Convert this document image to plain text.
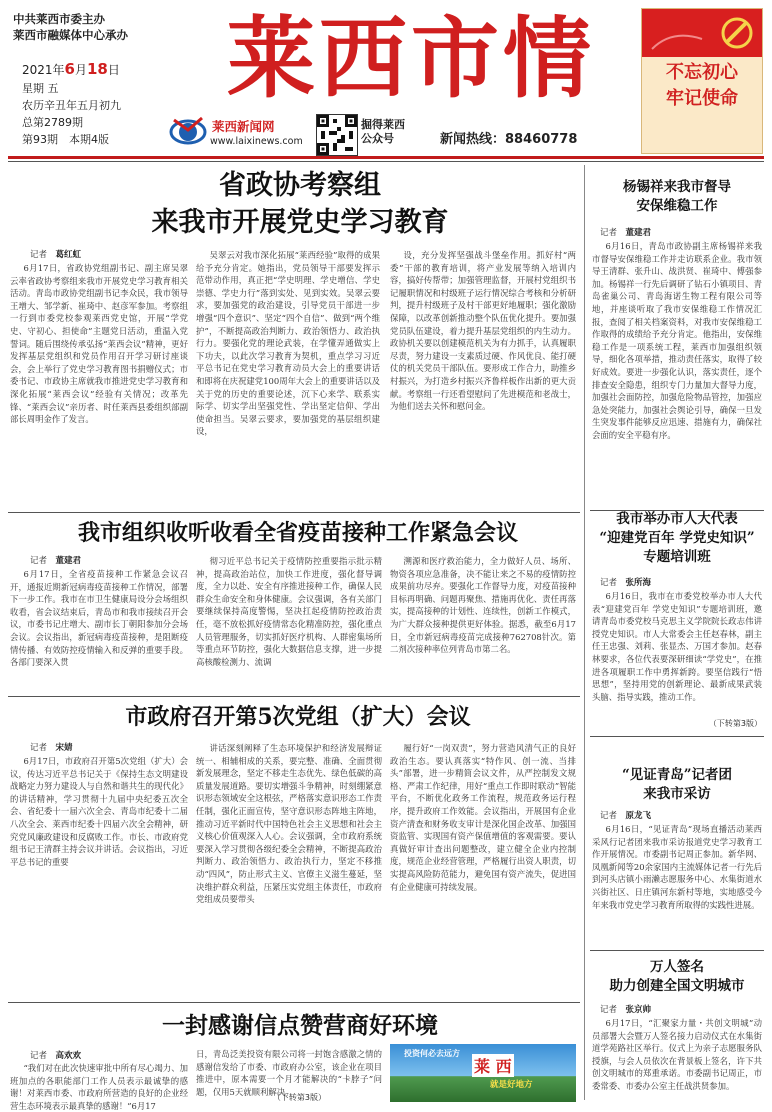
中共莱西市委主办
莱西市融媒体中心承办
2021年6月18日
星期 五
农历辛丑年五月初九
总第2789期
第93期　本期4版
莱西市情
莱西新闻网
www.laixinews.com
掘得莱西
公众号	新闻热线：88460778
不忘初心
牢记使命
省政协考察组
来我市开展党史学习教育
记者　 葛红虹

6月17日，省政协党组副书记、副主席吴翠云率省政协考察组来我市开展党史学习教育相关活动。青岛市政协党组副书记李众民，我市领导王增大、邹学新、崔琦中、赵彦军参加。考察组一行到市委党校参观莱西党史馆，开展“学党史、守初心、担使命”主题党日活动，重温入党誓词。随后围绕传承弘扬“莱西会议”精神，更好发挥基层党组织和党员作用召开学习研讨座谈会，会上举行了党史学习教育图书捐赠仪式；市委书记、市政协主席就我市推进党史学习教育和深化拓展“莱西会议”经验有关情况；改革先锋、“莱西会议”亲历者、时任莱西县委组织部副部长周明金作了发言。

吴翠云对我市深化拓展“莱西经验”取得的成果给予充分肯定。她指出，党员领导干部要发挥示范带动作用，真正把“学史明理、学史增信、学史崇德、学史力行”落到实处、见到实效。吴翠云要求，要加强党的政治建设，引导党员干部进一步增强“四个意识”、坚定“四个自信”、做到“两个维护”，不断提高政治判断力、政治领悟力、政治执行力。要强化党的理论武装，在学懂弄通做实上下功夫，以此次学习教育为契机，重点学习习近平总书记在党史学习教育动员大会上的重要讲话和即将在庆祝建党100周年大会上的重要讲话以及关于党的历史的重要论述，沉下心来学、联系实际学、切实学出坚强党性、学出坚定信仰、学出使命担当。吴翠云要求，要加强党的基层组织建设，

设，充分发挥坚强战斗堡垒作用。抓好村“两委”干部的教育培训，将产业发展等纳入培训内容，搞好传帮带；加强管理监督，开展村党组织书记履职情况和村级班子运行情况综合考核和分析研判，提升村级班子及村干部更好地履职；强化激励保障，以改革创新推动整个队伍优化提升。要加强党员队伍建设，着力提升基层党组织的内生动力。政协机关要以创建模范机关为有力抓手，认真履职尽责，努力建设一支素质过硬、作风优良、能打硬仗的机关党员干部队伍。要形成工作合力，助推乡村振兴，为打造乡村振兴齐鲁样板作出新的更大贡献。考察组一行还看望慰问了先进模范和老战士，为他们送去关怀和慰问金。

我市组织收听收看全省疫苗接种工作紧急会议
记者　 董建君

6月17日，全省疫苗接种工作紧急会议召开，通报近期新冠病毒疫苗接种工作情况，部署下一步工作。我市在市卫生健康局设分会场组织收看，省会议结束后，青岛市和我市接续召开会议，市委书记庄增大、副市长丁朝阳参加分会场会议。会议指出，新冠病毒疫苗接种，是阻断疫情传播、有效防控疫情输入和反弹的重要手段。各部门要深入贯

彻习近平总书记关于疫情防控重要指示批示精神，提高政治站位，加快工作进度，强化督导调度，全力以赴、安全有序推进接种工作，确保人民群众生命安全和身体健康。会议强调，各有关部门要继续保持高度警惕，坚决扛起疫情防控政治责任，毫不放松抓好疫情常态化精准防控，强化重点人员管理服务，切实抓好医疗机构、人群密集场所等重点环节防控，强化大数据信息支撑，进一步提高核酸检测力、流调

溯源和医疗救治能力，全力做好人员、场所、物资各项应急准备，决不能让来之不易的疫情防控成果前功尽弃。要强化工作督导力度，对疫苗接种目标再明确、问题再聚焦、措施再优化、责任再落实，提高接种的计划性、连续性，创新工作模式，为广大群众接种提供更好体验。据悉，截至6月17日，全市新冠病毒疫苗完成接种762708针次。第二剂次接种率位列青岛市第二名。

市政府召开第5次党组（扩大）会议
记者　 宋婧

6月17日，市政府召开第5次党组（扩大）会议，传达习近平总书记关于《保持生态文明建设战略定力努力建设人与自然和谐共生的现代化》的讲话精神，学习贯彻十九届中央纪委五次全会、省纪委十一届六次全会、青岛市纪委十二届八次全会、莱西市纪委十四届六次全会精神，研究党风廉政建设和反腐败工作。市长、市政府党组书记王清群主持会议并讲话。会议指出，习近平总书记的重要

讲话深刻阐释了生态环境保护和经济发展辩证统一、相辅相成的关系，要完整、准确、全面贯彻新发展理念，坚定不移走生态优先、绿色低碳的高质量发展道路。要切实增强斗争精神，时刻绷紧意识形态领域安全这根弦，严格落实意识形态工作责任制，强化正面宣传，坚守意识形态阵地主阵地，推动习近平新时代中国特色社会主义思想和社会主义核心价值观深入人心。会议强调，全市政府系统要深入学习贯彻各级纪委全会精神，不断提高政治判断力、政治领悟力、政治执行力，坚定不移推动“四风”，防止形式主义、官僚主义滋生蔓延，坚决维护群众利益，压紧压实党组主体责任，市政府党组成员要带头

履行好“一岗双责”，努力营造风清气正的良好政治生态。要认真落实“特作风、创一流、当排头”部署，进一步精简会议文件，从严控制发文规格、严肃工作纪律，用好“重点工作即时联动”智能平台，不断优化政务工作流程，规范政务运行程序，提升政府工作效能。会议指出，开展国有企业资产清查和财务收支审计是深化国企改革、加强国资监管、实现国有资产保值增值的客观需要。要认真做好审计查出问题整改，建立健全企业内控制度，规范企业经营管理，严格履行出资人职责，切实提高风险防范能力，避免国有资产流失，促进国有企业健康可持续发展。

一封感谢信点赞营商好环境
记者　 高欢欢

“我们对在此次快速审批中所有尽心竭力、加班加点的各职能部门工作人员表示最诚挚的感谢！对莱西市委、市政府所营造的良好的企业经营生态环境表示最真挚的感谢！”6月17

日，青岛泛美投资有限公司将一封饱含感激之情的感谢信发给了市委、市政府办公室，该企业在项目推进中，原本需要一个月才能解决的“卡脖子”问题，仅用5天就顺利解决。

（下转第3版）
投资何必去远方
莱 西
就是好地方
杨锡祥来我市督导
安保维稳工作
记者　 董建君

6月16日，青岛市政协副主席杨锡祥来我市督导安保维稳工作并走访联系企业。我市领导王清群、张升山、战洪贤、崔琦中、傅强参加。杨锡祥一行先后调研了钻石小镇项目、青岛雀巢公司、青岛海诺生物工程有限公司等地，并座谈听取了我市安保维稳工作情况汇报，查阅了相关档案资料，对我市安保维稳工作取得的成绩给予充分肯定。他指出，安保维稳工作是一项系统工程，莱西市加强组织领导，细化各项举措，推动责任落实，取得了较好成效。要进一步强化认识，落实责任，逐个排查安全隐患，组织专门力量加大督导力度，加强社会面防控，加强危险物品管控，加强应急处突能力，加强社会舆论引导，确保一旦发生突发事件能够反应迅速、措施有力，确保社会面的安全平稳有序。

我市举办市人大代表
“迎建党百年 学党史知识”
专题培训班
记者　 张所海

6月16日，我市在市委党校举办市人大代表“迎建党百年 学党史知识”专题培训班，邀请青岛市委党校马克思主义学院院长政志伟讲授党史知识。市人大常委会主任赵春林，副主任王忠强、刘莉、张显杰、万国才参加。赵春林要求，各位代表要深研细读“学党史”，在推进各项履职工作中勇挥新跨。要坚信践行“悟思想”，坚持用党的创新理论、最新成果武装头脑、指导实践，推动工作。

（下转第3版）
“见证青岛”记者团
来我市采访
记者　 原龙飞

6月16日，“见证青岛”现场直播活动莱西采风行记者团来我市采访报道党史学习教育工作开展情况。市委副书记周正参加。新华网、凤凰新闻等20余家国内主流媒体记者一行先后到河头店镇小雨濑志愿服务中心、水集街道水兴街社区、日庄镇河东新村等地，实地感受今年来我市党史学习教育所取得的实践性进展。

万人签名
助力创建全国文明城市
记者　 张京帅

6月17日，“汇聚家力量・共创文明城”动员部署大会暨万人签名接力启动仪式在水集街道学苑路社区举行。仪式上为亲子志愿服务队授旗，与会人员依次在背景板上签名，许下共创文明城市的郑重承诺。市委副书记周正，市委常委、市委办公室主任战洪贤参加。
